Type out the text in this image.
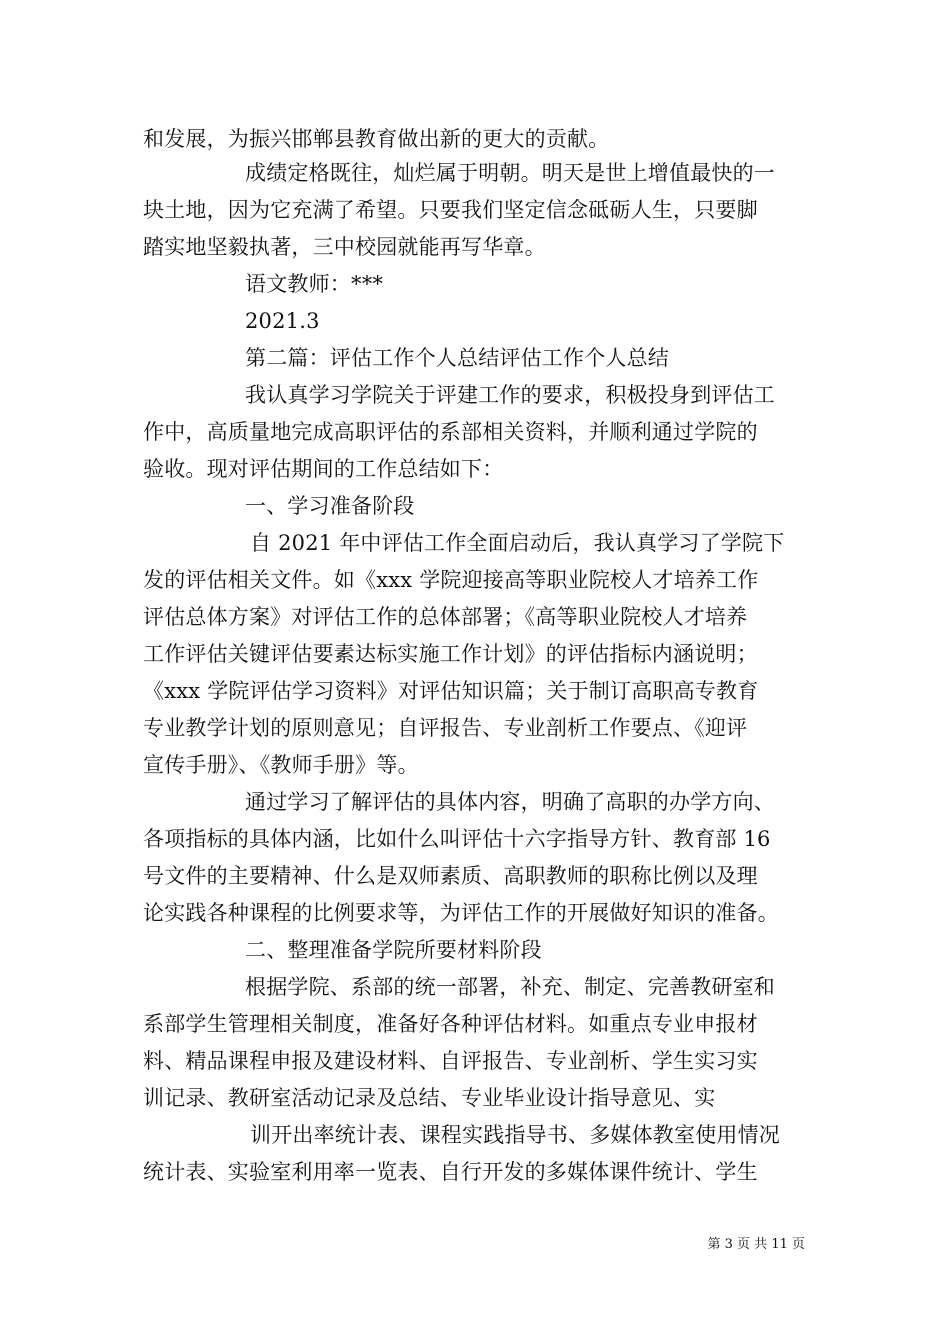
和发展，为振兴邯郸县教育做出新的更大的贡献。
成绩定格既往，灿烂属于明朝。明天是世上增值最快的一
块土地，因为它充满了希望。只要我们坚定信念砥砺人生，只要脚
踏实地坚毅执著，三中校园就能再写华章。
语文教师：***
2021.3
第二篇：评估工作个人总结评估工作个人总结
我认真学习学院关于评建工作的要求，积极投身到评估工
作中，高质量地完成高职评估的系部相关资料，并顺利通过学院的
验收。现对评估期间的工作总结如下：
一、学习准备阶段
自 2021 年中评估工作全面启动后，我认真学习了学院下
发的评估相关文件。如《xxx 学院迎接高等职业院校人才培养工作
评估总体方案》对评估工作的总体部署；《高等职业院校人才培养
工作评估关键评估要素达标实施工作计划》的评估指标内涵说明；
《xxx 学院评估学习资料》对评估知识篇；关于制订高职高专教育
专业教学计划的原则意见；自评报告、专业剖析工作要点、《迎评
宣传手册》、《教师手册》等。
通过学习了解评估的具体内容，明确了高职的办学方向、
各项指标的具体内涵，比如什么叫评估十六字指导方针、教育部 16
号文件的主要精神、什么是双师素质、高职教师的职称比例以及理
论实践各种课程的比例要求等，为评估工作的开展做好知识的准备。
二、整理准备学院所要材料阶段
根据学院、系部的统一部署，补充、制定、完善教研室和
系部学生管理相关制度，准备好各种评估材料。如重点专业申报材
料、精品课程申报及建设材料、自评报告、专业剖析、学生实习实
训记录、教研室活动记录及总结、专业毕业设计指导意见、实
训开出率统计表、课程实践指导书、多媒体教室使用情况
统计表、实验室利用率一览表、自行开发的多媒体课件统计、学生
第 3 页 共 11 页
